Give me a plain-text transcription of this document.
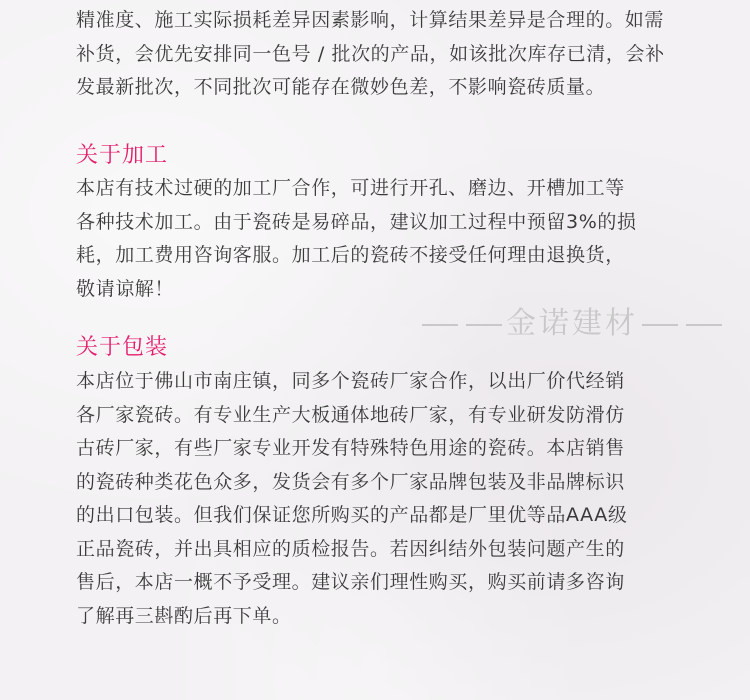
精准度、施工实际损耗差异因素影响，计算结果差异是合理的。如需
补货，会优先安排同一色号 / 批次的产品，如该批次库存已清，会补
发最新批次，不同批次可能存在微妙色差，不影响瓷砖质量。
关于加工
本店有技术过硬的加工厂合作，可进行开孔、磨边、开槽加工等
各种技术加工。由于瓷砖是易碎品，建议加工过程中预留3%的损
耗，加工费用咨询客服。加工后的瓷砖不接受任何理由退换货，
敬请谅解！
金诺建材
关于包装
本店位于佛山市南庄镇，同多个瓷砖厂家合作，以出厂价代经销
各厂家瓷砖。有专业生产大板通体地砖厂家，有专业研发防滑仿
古砖厂家，有些厂家专业开发有特殊特色用途的瓷砖。本店销售
的瓷砖种类花色众多，发货会有多个厂家品牌包装及非品牌标识
的出口包装。但我们保证您所购买的产品都是厂里优等品AAA级
正品瓷砖，并出具相应的质检报告。若因纠结外包装问题产生的
售后，本店一概不予受理。建议亲们理性购买，购买前请多咨询
了解再三斟酌后再下单。
